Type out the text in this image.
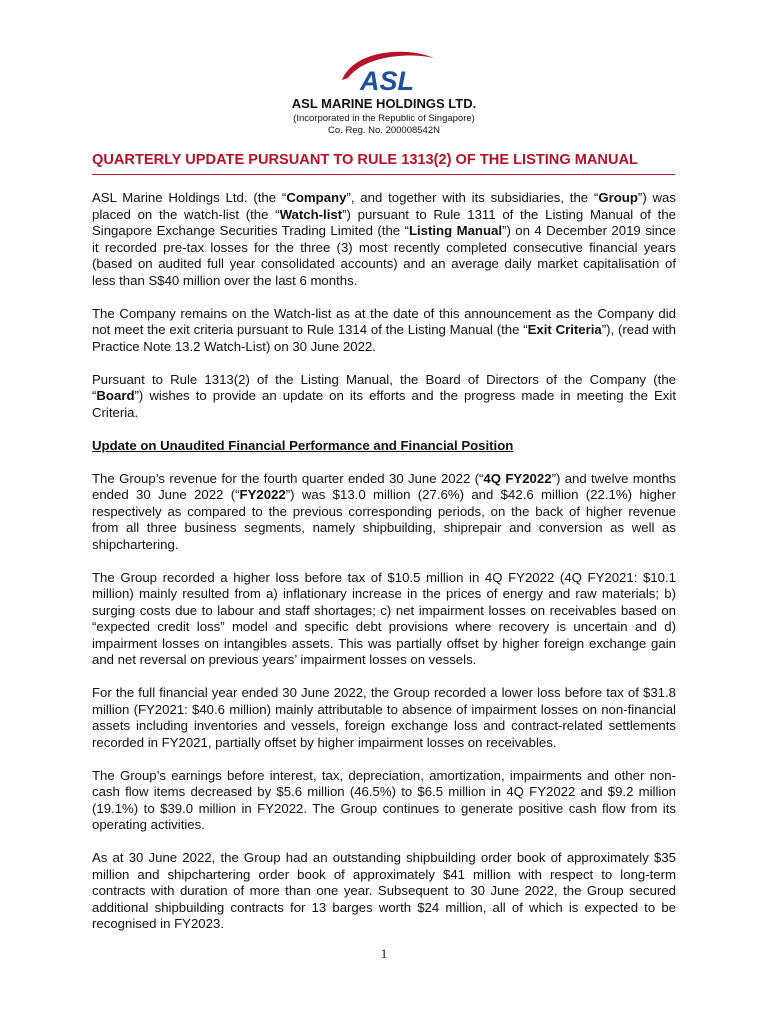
ASL
ASL MARINE HOLDINGS LTD.
(Incorporated in the Republic of Singapore)
Co. Reg. No. 200008542N
QUARTERLY UPDATE PURSUANT TO RULE 1313(2) OF THE LISTING MANUAL

ASL Marine Holdings Ltd. (the “Company”, and together with its subsidiaries, the “Group”) was placed on the watch-list (the “Watch-list”) pursuant to Rule 1311 of the Listing Manual of the Singapore Exchange Securities Trading Limited (the “Listing Manual”) on 4 December 2019 since it recorded pre-tax losses for the three (3) most recently completed consecutive financial years (based on audited full year consolidated accounts) and an average daily market capitalisation of less than S$40 million over the last 6 months.

The Company remains on the Watch-list as at the date of this announcement as the Company did not meet the exit criteria pursuant to Rule 1314 of the Listing Manual (the “Exit Criteria”), (read with Practice Note 13.2 Watch-List) on 30 June 2022.

Pursuant to Rule 1313(2) of the Listing Manual, the Board of Directors of the Company (the “Board”) wishes to provide an update on its efforts and the progress made in meeting the Exit Criteria.

Update on Unaudited Financial Performance and Financial Position

The Group’s revenue for the fourth quarter ended 30 June 2022 (“4Q FY2022”) and twelve months ended 30 June 2022 (“FY2022”) was $13.0 million (27.6%) and $42.6 million (22.1%) higher respectively as compared to the previous corresponding periods, on the back of higher revenue from all three business segments, namely shipbuilding, shiprepair and conversion as well as shipchartering.

The Group recorded a higher loss before tax of $10.5 million in 4Q FY2022 (4Q FY2021: $10.1 million) mainly resulted from a) inflationary increase in the prices of energy and raw materials; b) surging costs due to labour and staff shortages; c) net impairment losses on receivables based on “expected credit loss” model and specific debt provisions where recovery is uncertain and d) impairment losses on intangibles assets. This was partially offset by higher foreign exchange gain and net reversal on previous years’ impairment losses on vessels.

For the full financial year ended 30 June 2022, the Group recorded a lower loss before tax of $31.8 million (FY2021: $40.6 million) mainly attributable to absence of impairment losses on non-financial assets including inventories and vessels, foreign exchange loss and contract-related settlements recorded in FY2021, partially offset by higher impairment losses on receivables.

The Group’s earnings before interest, tax, depreciation, amortization, impairments and other non-cash flow items decreased by $5.6 million (46.5%) to $6.5 million in 4Q FY2022 and $9.2 million (19.1%) to $39.0 million in FY2022. The Group continues to generate positive cash flow from its operating activities.

As at 30 June 2022, the Group had an outstanding shipbuilding order book of approximately $35 million and shipchartering order book of approximately $41 million with respect to long-term contracts with duration of more than one year. Subsequent to 30 June 2022, the Group secured additional shipbuilding contracts for 13 barges worth $24 million, all of which is expected to be recognised in FY2023.

1
